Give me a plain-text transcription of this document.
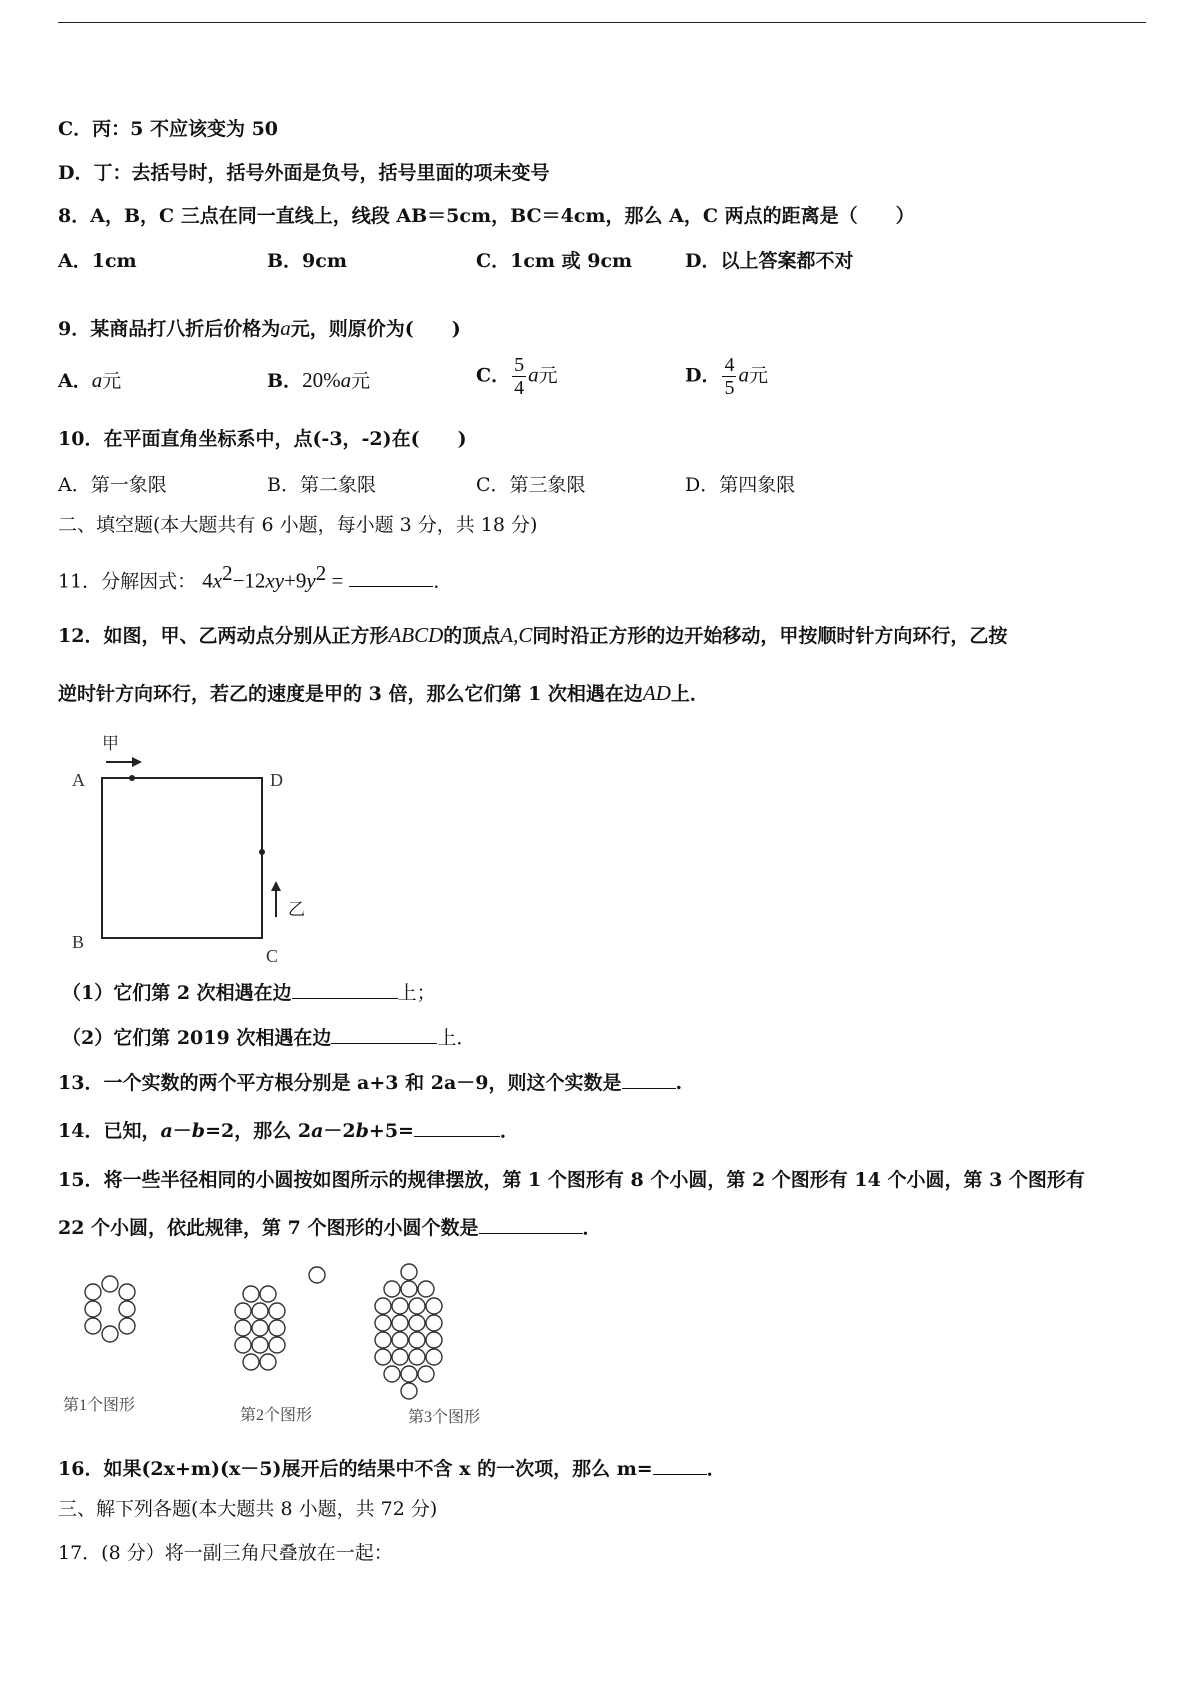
C．丙：5 不应该变为 50
D．丁：去括号时，括号外面是负号，括号里面的项未变号
8．A，B，C 三点在同一直线上，线段 AB＝5cm，BC＝4cm，那么 A，C 两点的距离是（　　）
A．1cm	B．9cm	C．1cm 或 9cm	D．以上答案都不对
9．某商品打八折后价格为a元，则原价为(　　)
A．a元	B．20%a元	C． $\frac{5}{4}$ a元	D． $\frac{4}{5}$ a元
10．在平面直角坐标系中，点(-3，-2)在(　　)
A．第一象限	B．第二象限	C．第三象限	D．第四象限
二、填空题(本大题共有 6 小题，每小题 3 分，共 18 分)
11．分解因式： $4x^2-12xy+9y^2$ =	．
12．如图，甲、乙两动点分别从正方形ABCD的顶点A,C同时沿正方形的边开始移动，甲按顺时针方向环行，乙按
逆时针方向环行，若乙的速度是甲的 3 倍，那么它们第 1 次相遇在边AD上．
甲
乙
A
B
C
D
（1）它们第 2 次相遇在边	上；
（2）它们第 2019 次相遇在边	上．
13．一个实数的两个平方根分别是 a+3 和 2a－9，则这个实数是	.
14．已知，a－b=2，那么 2a－2b+5=	．
15．将一些半径相同的小圆按如图所示的规律摆放，第 1 个图形有 8 个小圆，第 2 个图形有 14 个小圆，第 3 个图形有
22 个小圆，依此规律，第 7 个图形的小圆个数是	．
第1个图形
第2个图形	第3个图形
16．如果(2x+m)(x－5)展开后的结果中不含 x 的一次项，那么 m=	．
三、解下列各题(本大题共 8 小题，共 72 分)
17．(8 分）将一副三角尺叠放在一起：
